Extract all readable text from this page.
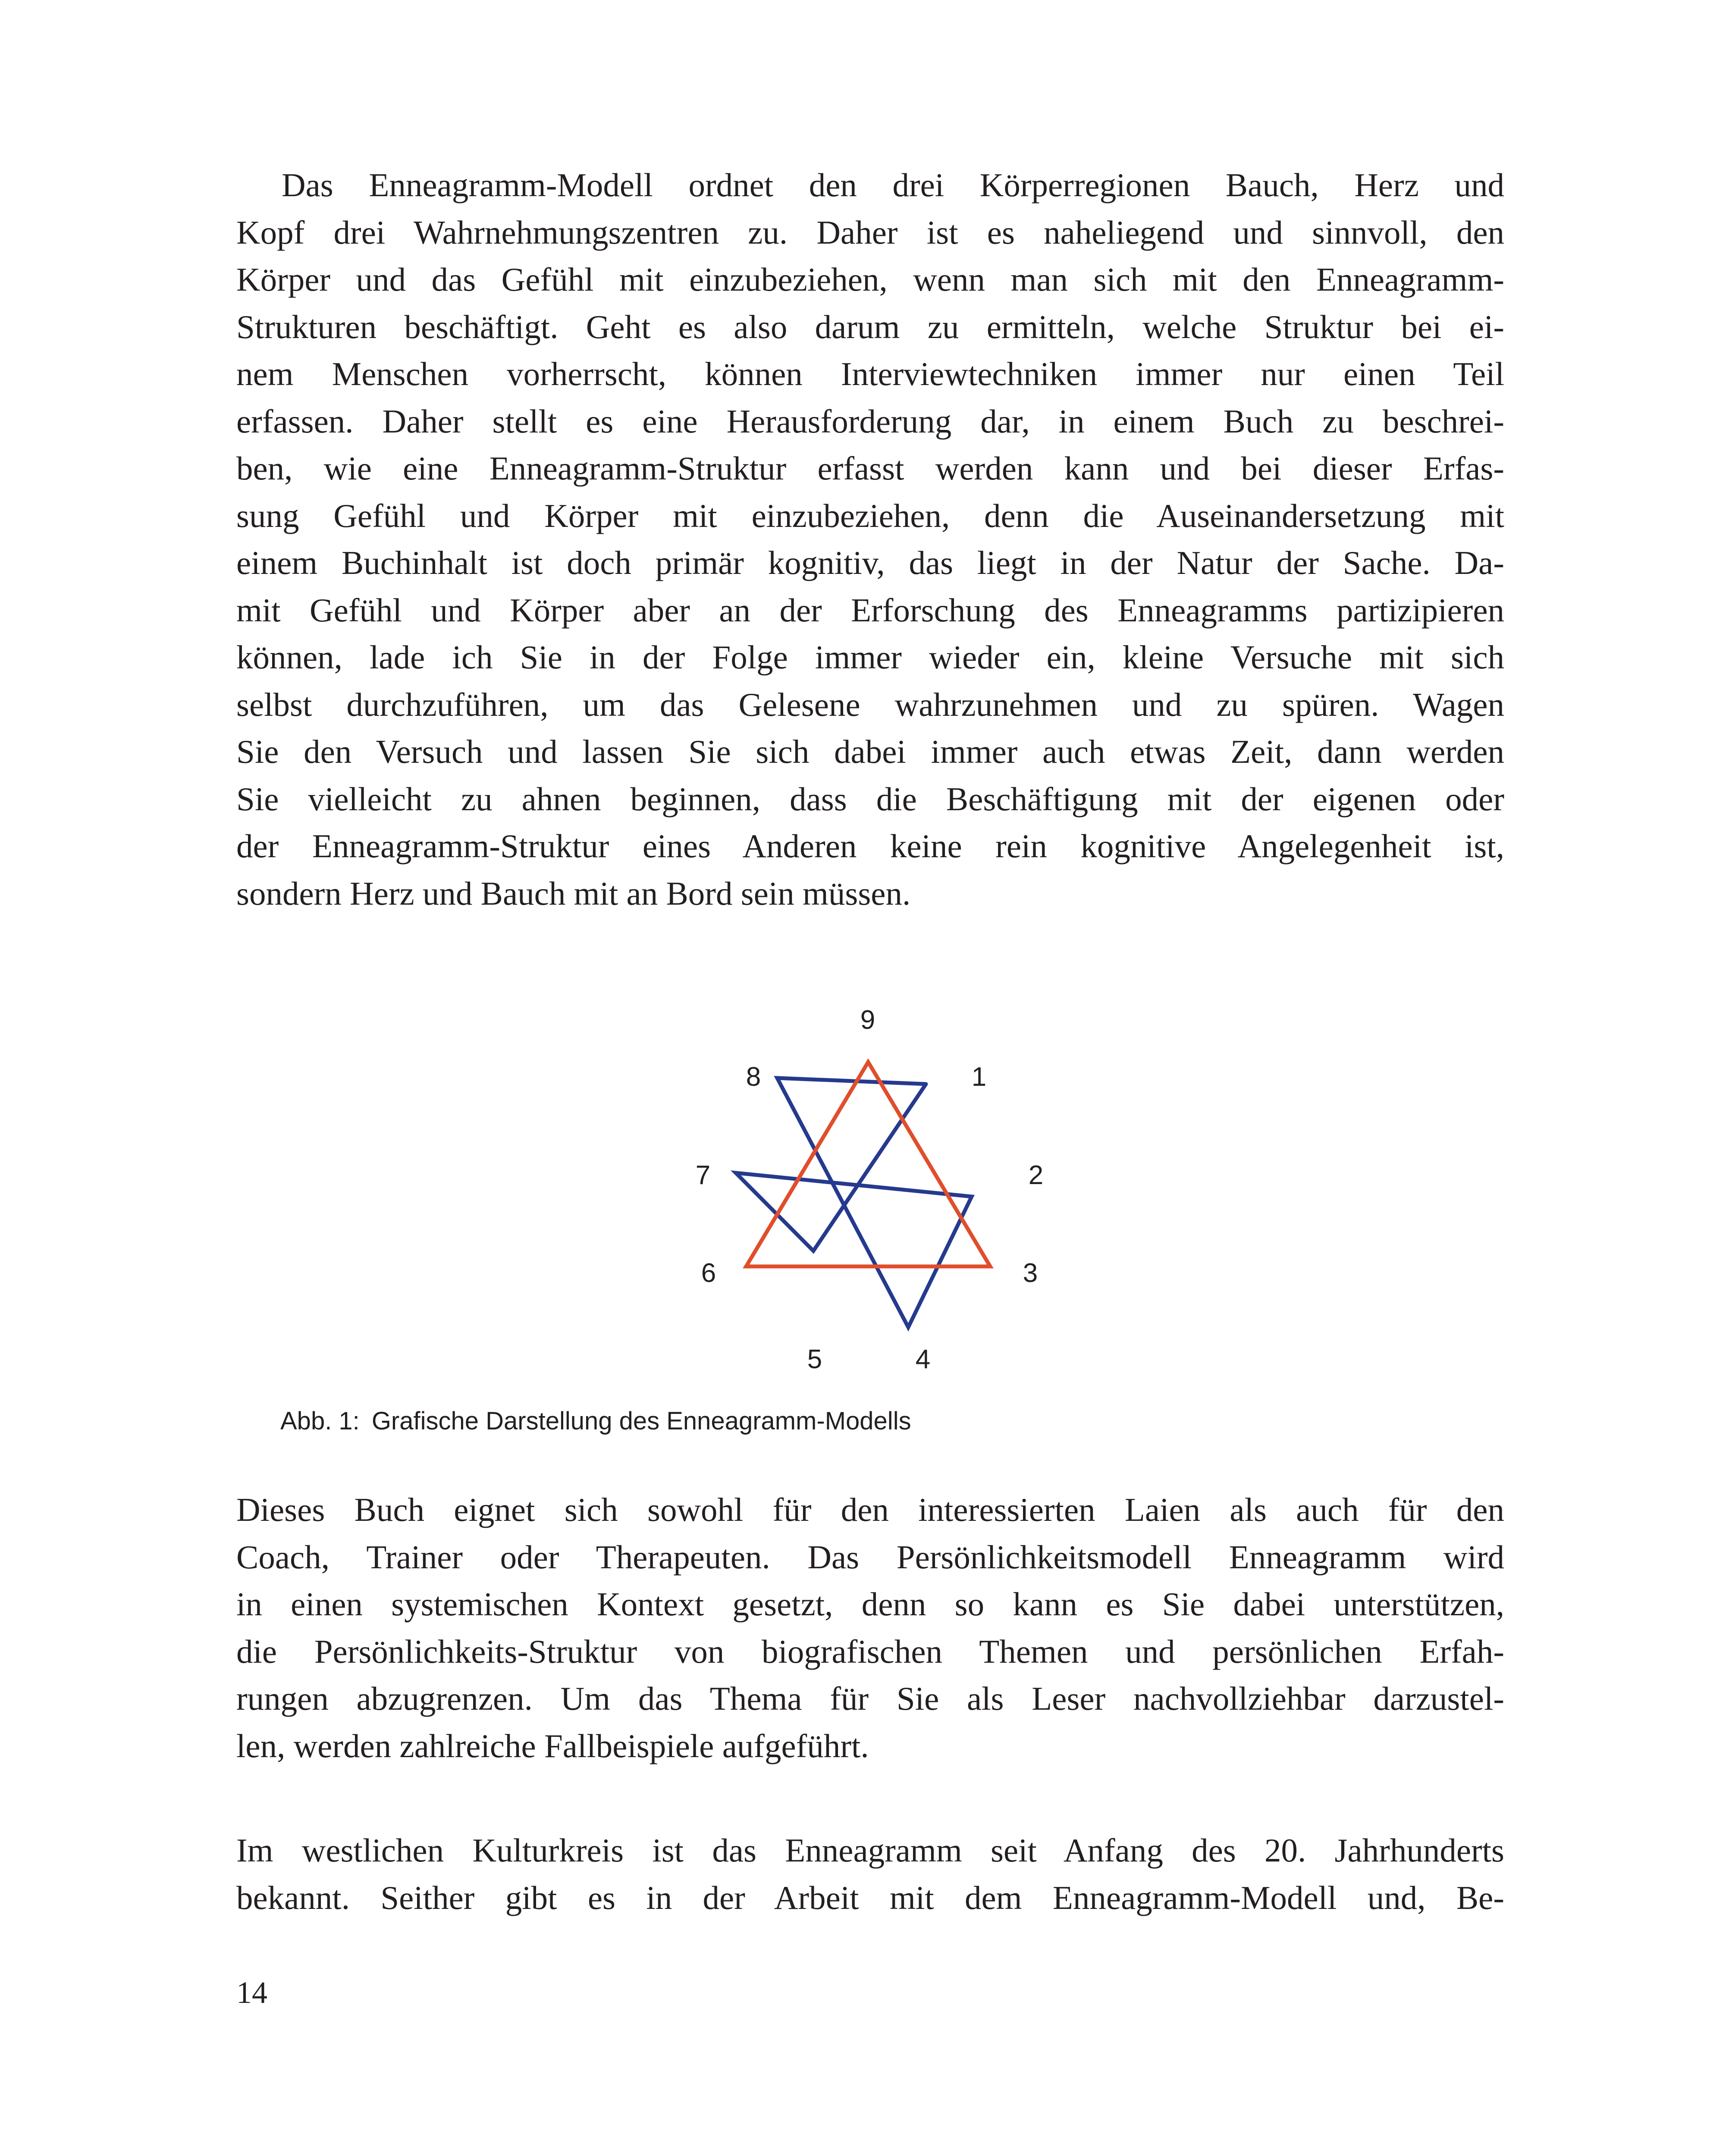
Das Enneagramm-Modell ordnet den drei Körperregionen Bauch, Herz und
Kopf drei Wahrnehmungszentren zu. Daher ist es naheliegend und sinnvoll, den
Körper und das Gefühl mit einzubeziehen, wenn man sich mit den Enneagramm-
Strukturen beschäftigt. Geht es also darum zu ermitteln, welche Struktur bei ei-
nem Menschen vorherrscht, können Interviewtechniken immer nur einen Teil
erfassen. Daher stellt es eine Herausforderung dar, in einem Buch zu beschrei-
ben, wie eine Enneagramm-Struktur erfasst werden kann und bei dieser Erfas-
sung Gefühl und Körper mit einzubeziehen, denn die Auseinandersetzung mit
einem Buchinhalt ist doch primär kognitiv, das liegt in der Natur der Sache. Da-
mit Gefühl und Körper aber an der Erforschung des Enneagramms partizipieren
können, lade ich Sie in der Folge immer wieder ein, kleine Versuche mit sich
selbst durchzuführen, um das Gelesene wahrzunehmen und zu spüren. Wagen
Sie den Versuch und lassen Sie sich dabei immer auch etwas Zeit, dann werden
Sie vielleicht zu ahnen beginnen, dass die Beschäftigung mit der eigenen oder
der Enneagramm-Struktur eines Anderen keine rein kognitive Angelegenheit ist,
sondern Herz und Bauch mit an Bord sein müssen.
1
2
3
4
5
6
7
8
9
Abb. 1: Grafische Darstellung des Enneagramm-Modells
Dieses Buch eignet sich sowohl für den interessierten Laien als auch für den
Coach, Trainer oder Therapeuten. Das Persönlichkeitsmodell Enneagramm wird
in einen systemischen Kontext gesetzt, denn so kann es Sie dabei unterstützen,
die Persönlichkeits-Struktur von biografischen Themen und persönlichen Erfah-
rungen abzugrenzen. Um das Thema für Sie als Leser nachvollziehbar darzustel-
len, werden zahlreiche Fallbeispiele aufgeführt.
Im westlichen Kulturkreis ist das Enneagramm seit Anfang des 20. Jahrhunderts
bekannt. Seither gibt es in der Arbeit mit dem Enneagramm-Modell und, Be-
14
